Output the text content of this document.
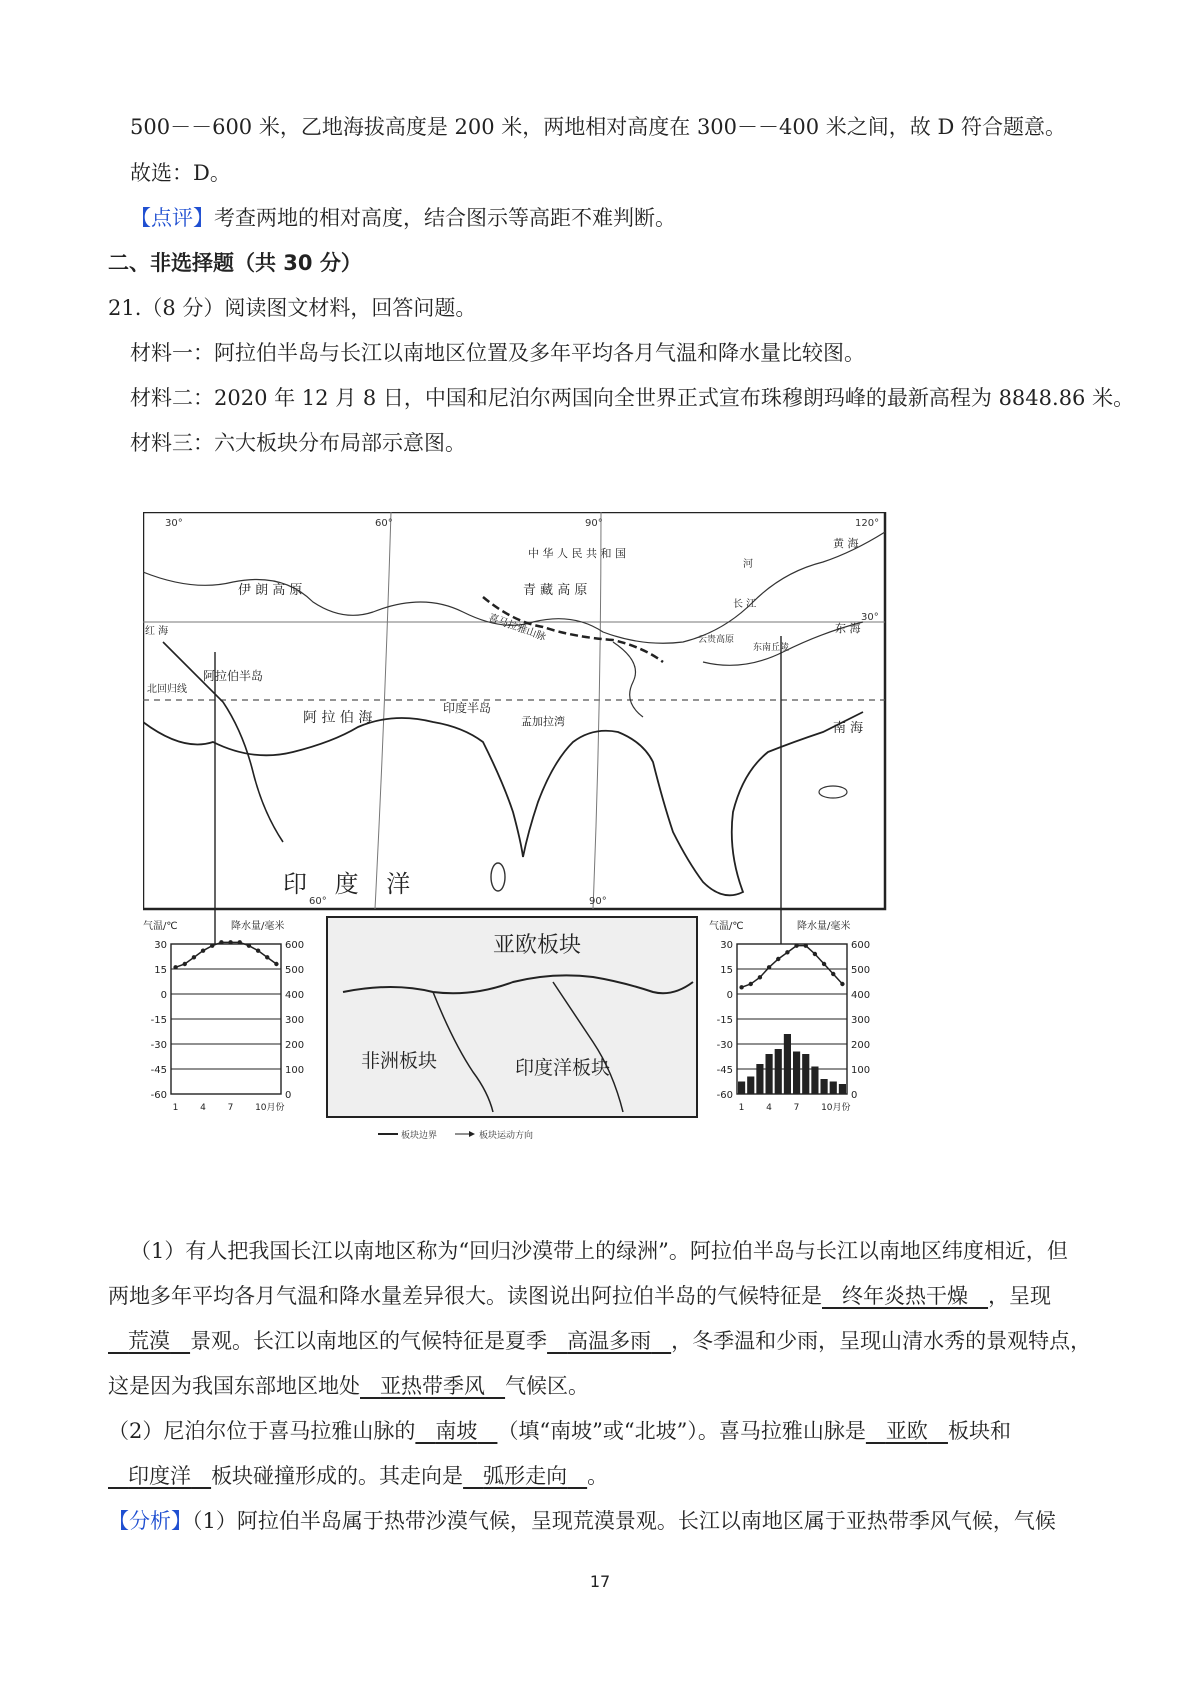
500－－600 米，乙地海拔高度是 200 米，两地相对高度在 300－－400 米之间，故 D 符合题意。
故选：D。
【点评】考查两地的相对高度，结合图示等高距不难判断。
二、非选择题（共 30 分）
21.（8 分）阅读图文材料，回答问题。
材料一：阿拉伯半岛与长江以南地区位置及多年平均各月气温和降水量比较图。
材料二：2020 年 12 月 8 日，中国和尼泊尔两国向全世界正式宣布珠穆朗玛峰的最新高程为 8848.86 米。
材料三：六大板块分布局部示意图。
中 华 人 民 共 和 国
伊 朗 高 原	青 藏 高 原
喜马拉雅山脉
阿拉伯半岛
阿 拉 伯 海
印度半岛
孟加拉湾
印 度 洋
北回归线
南 海
东 海
黄 海
长 江
云贵高原
东南丘陵
红 海
河
30°	60°
60°
90°
90°
120°
30°
亚欧板块
非洲板块	印度洋板块
板块边界	板块运动方向
气温/℃	降水量/毫米
30	600
15	500
0	400
-15	300
-30	200
-45	100
-60	0
1 4 7 10月份
气温/℃	降水量/毫米
30	600
15	500
0	400
-15	300
-30	200
-45	100
-60	0
1 4 7 10月份
（1）有人把我国长江以南地区称为“回归沙漠带上的绿洲”。阿拉伯半岛与长江以南地区纬度相近，但
两地多年平均各月气温和降水量差异很大。读图说出阿拉伯半岛的气候特征是 终年炎热干燥 ，呈现
荒漠 景观。长江以南地区的气候特征是夏季 高温多雨 ，冬季温和少雨，呈现山清水秀的景观特点，
这是因为我国东部地区地处 亚热带季风 气候区。
（2）尼泊尔位于喜马拉雅山脉的 南坡 （填“南坡”或“北坡”）。喜马拉雅山脉是 亚欧 板块和
印度洋 板块碰撞形成的。其走向是 弧形走向 。
【分析】（1）阿拉伯半岛属于热带沙漠气候，呈现荒漠景观。长江以南地区属于亚热带季风气候，气候
17
